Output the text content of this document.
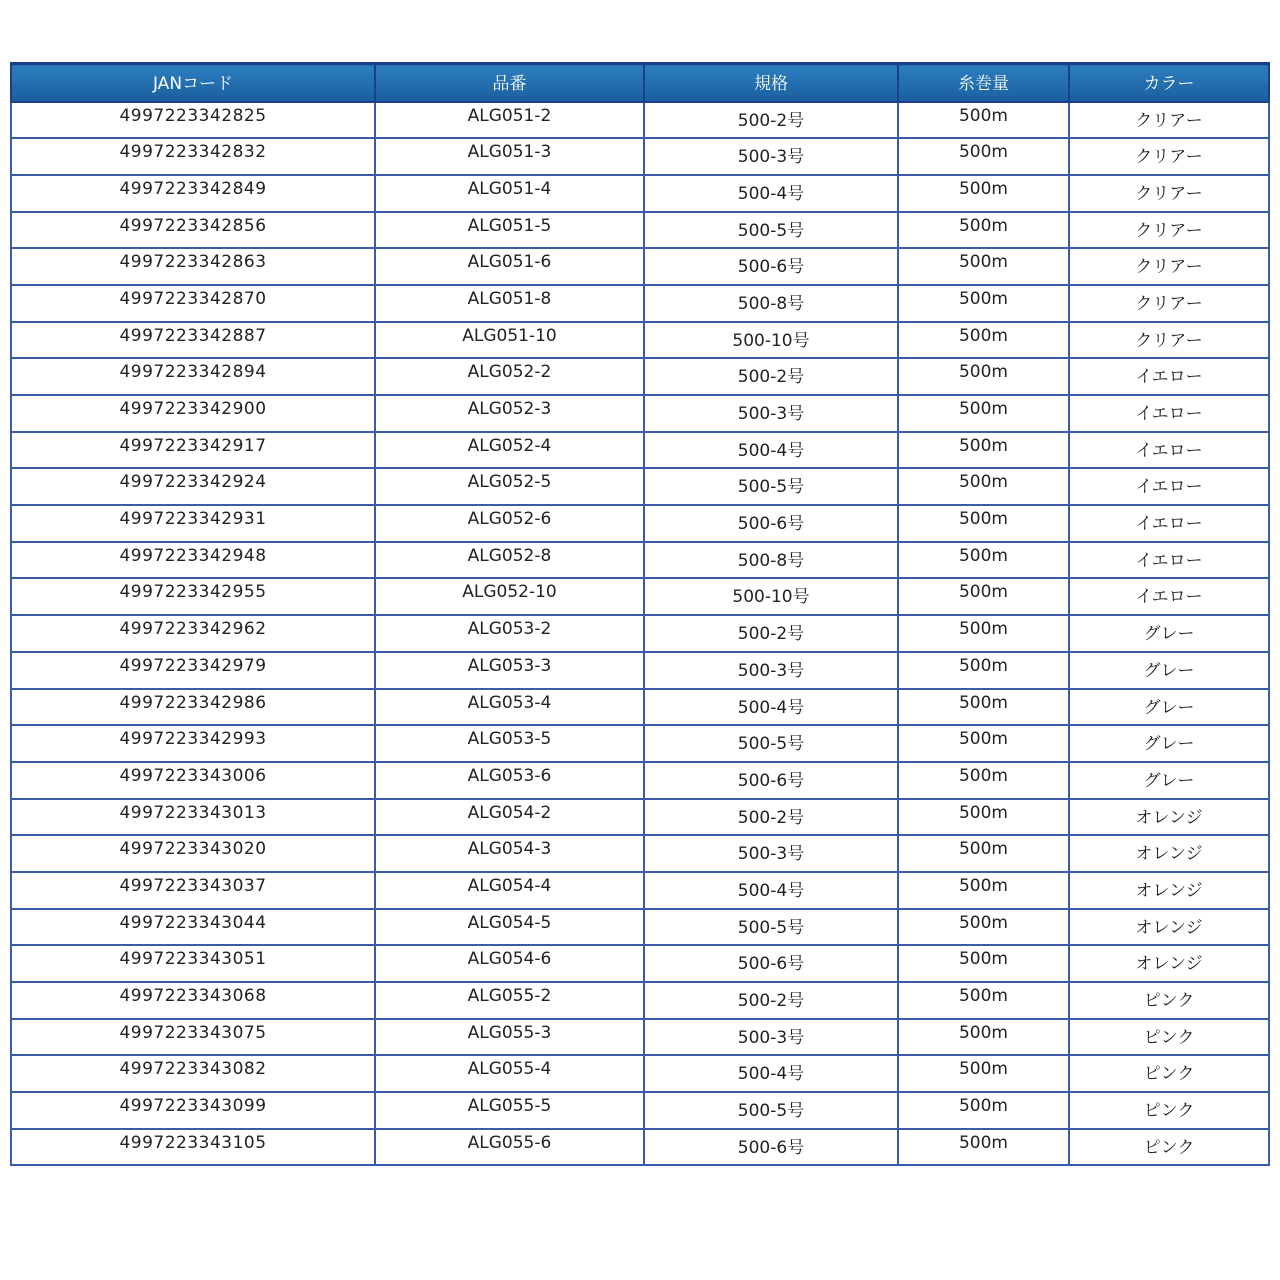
JANコード	品番	規格	糸巻量	カラー
4997223342825	ALG051-2	500-2号	500m	クリアー
4997223342832	ALG051-3	500-3号	500m	クリアー
4997223342849	ALG051-4	500-4号	500m	クリアー
4997223342856	ALG051-5	500-5号	500m	クリアー
4997223342863	ALG051-6	500-6号	500m	クリアー
4997223342870	ALG051-8	500-8号	500m	クリアー
4997223342887	ALG051-10	500-10号	500m	クリアー
4997223342894	ALG052-2	500-2号	500m	イエロー
4997223342900	ALG052-3	500-3号	500m	イエロー
4997223342917	ALG052-4	500-4号	500m	イエロー
4997223342924	ALG052-5	500-5号	500m	イエロー
4997223342931	ALG052-6	500-6号	500m	イエロー
4997223342948	ALG052-8	500-8号	500m	イエロー
4997223342955	ALG052-10	500-10号	500m	イエロー
4997223342962	ALG053-2	500-2号	500m	グレー
4997223342979	ALG053-3	500-3号	500m	グレー
4997223342986	ALG053-4	500-4号	500m	グレー
4997223342993	ALG053-5	500-5号	500m	グレー
4997223343006	ALG053-6	500-6号	500m	グレー
4997223343013	ALG054-2	500-2号	500m	オレンジ
4997223343020	ALG054-3	500-3号	500m	オレンジ
4997223343037	ALG054-4	500-4号	500m	オレンジ
4997223343044	ALG054-5	500-5号	500m	オレンジ
4997223343051	ALG054-6	500-6号	500m	オレンジ
4997223343068	ALG055-2	500-2号	500m	ピンク
4997223343075	ALG055-3	500-3号	500m	ピンク
4997223343082	ALG055-4	500-4号	500m	ピンク
4997223343099	ALG055-5	500-5号	500m	ピンク
4997223343105	ALG055-6	500-6号	500m	ピンク
